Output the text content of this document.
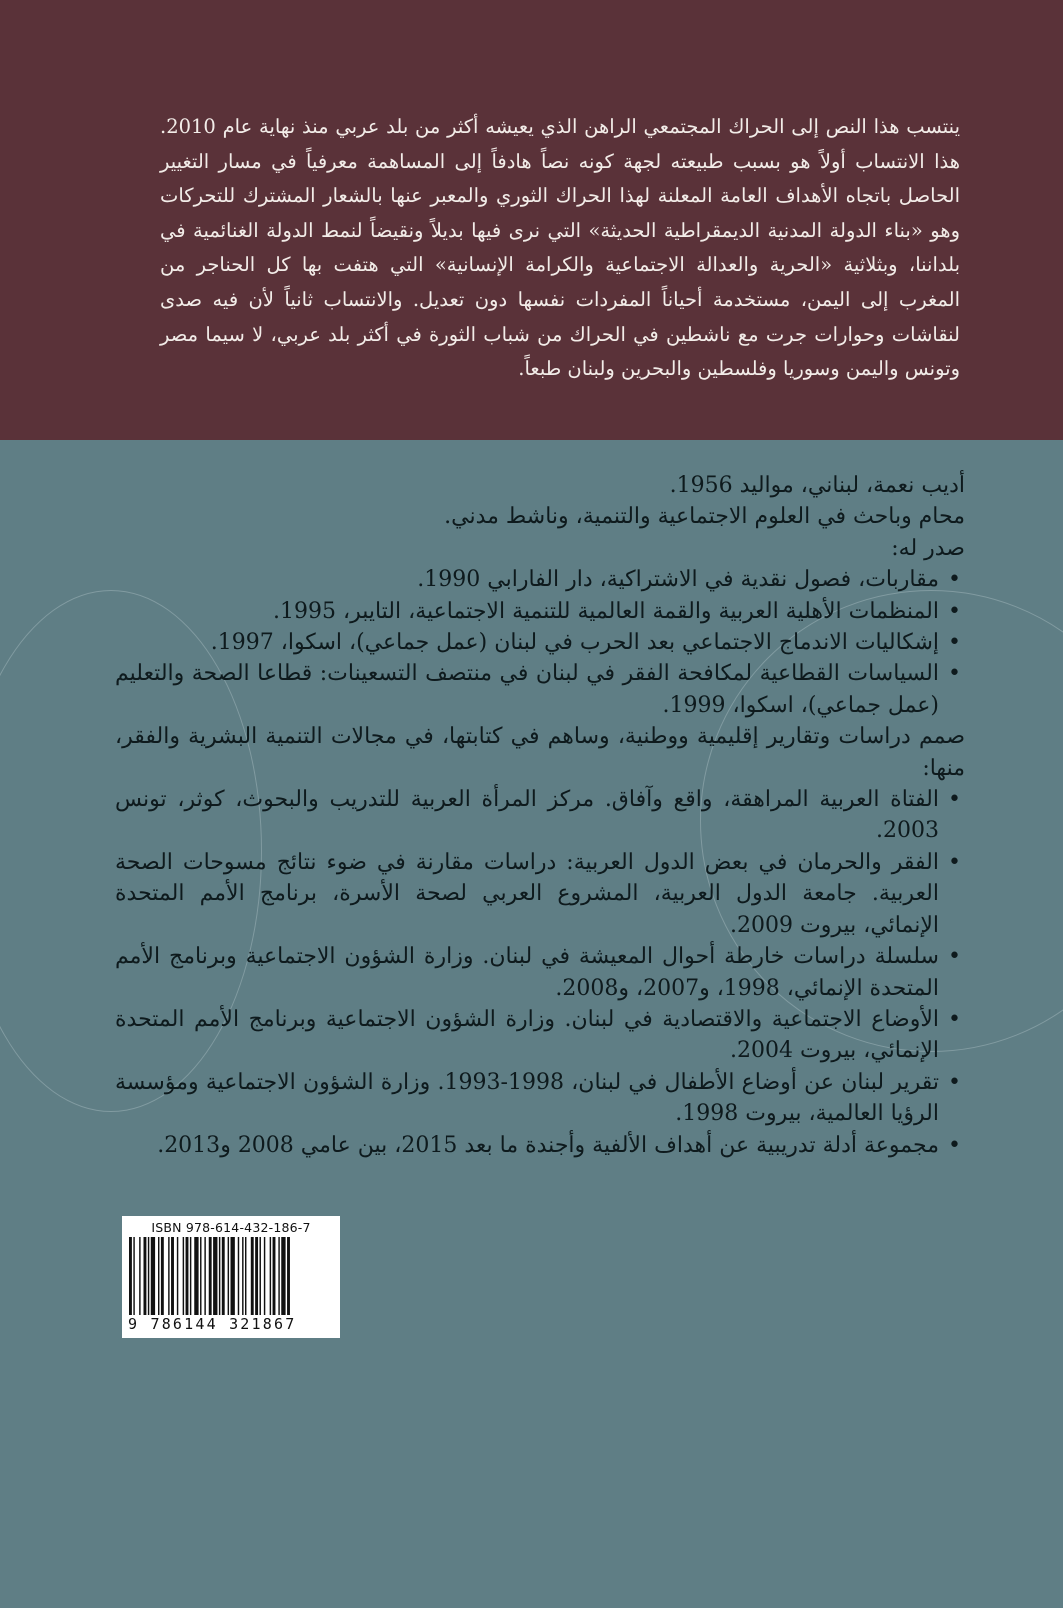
ينتسب هذا النص إلى الحراك المجتمعي الراهن الذي يعيشه أكثر من بلد عربي منذ نهاية عام 2010. هذا الانتساب أولاً هو بسبب طبيعته لجهة كونه نصاً هادفاً إلى المساهمة معرفياً في مسار التغيير الحاصل باتجاه الأهداف العامة المعلنة لهذا الحراك الثوري والمعبر عنها بالشعار المشترك للتحركات وهو «بناء الدولة المدنية الديمقراطية الحديثة» التي نرى فيها بديلاً ونقيضاً لنمط الدولة الغنائمية في بلداننا، وبثلاثية «الحرية والعدالة الاجتماعية والكرامة الإنسانية» التي هتفت بها كل الحناجر من المغرب إلى اليمن، مستخدمة أحياناً المفردات نفسها دون تعديل. والانتساب ثانياً لأن فيه صدى لنقاشات وحوارات جرت مع ناشطين في الحراك من شباب الثورة في أكثر بلد عربي، لا سيما مصر وتونس واليمن وسوريا وفلسطين والبحرين ولبنان طبعاً.

أديب نعمة، لبناني، مواليد 1956.

محام وباحث في العلوم الاجتماعية والتنمية، وناشط مدني.

صدر له:

• مقاربات، فصول نقدية في الاشتراكية، دار الفارابي 1990.
• المنظمات الأهلية العربية والقمة العالمية للتنمية الاجتماعية، التايبر، 1995.
• إشكاليات الاندماج الاجتماعي بعد الحرب في لبنان (عمل جماعي)، اسكوا، 1997.
• السياسات القطاعية لمكافحة الفقر في لبنان في منتصف التسعينات: قطاعا الصحة والتعليم (عمل جماعي)، اسكوا، 1999.

صمم دراسات وتقارير إقليمية ووطنية، وساهم في كتابتها، في مجالات التنمية البشرية والفقر، منها:

• الفتاة العربية المراهقة، واقع وآفاق. مركز المرأة العربية للتدريب والبحوث، كوثر، تونس 2003.
• الفقر والحرمان في بعض الدول العربية: دراسات مقارنة في ضوء نتائج مسوحات الصحة العربية. جامعة الدول العربية، المشروع العربي لصحة الأسرة، برنامج الأمم المتحدة الإنمائي، بيروت 2009.
• سلسلة دراسات خارطة أحوال المعيشة في لبنان. وزارة الشؤون الاجتماعية وبرنامج الأمم المتحدة الإنمائي، 1998، و2007، و2008.
• الأوضاع الاجتماعية والاقتصادية في لبنان. وزارة الشؤون الاجتماعية وبرنامج الأمم المتحدة الإنمائي، بيروت 2004.
• تقرير لبنان عن أوضاع الأطفال في لبنان، 1998-1993. وزارة الشؤون الاجتماعية ومؤسسة الرؤيا العالمية، بيروت 1998.
• مجموعة أدلة تدريبية عن أهداف الألفية وأجندة ما بعد 2015، بين عامي 2008 و2013.
ISBN 978-614-432-186-7
9 786144 321867
